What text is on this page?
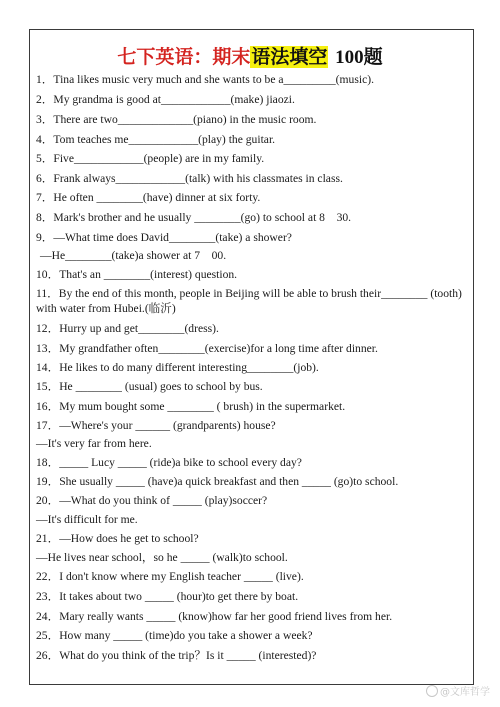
七下英语：期末语法填空 100题
1．Tina likes music very much and she wants to be a_________(music).
2．My grandma is good at____________(make) jiaozi.
3．There are two_____________(piano) in the music room.
4．Tom teaches me____________(play) the guitar.
5．Five____________(people) are in my family.
6．Frank always____________(talk) with his classmates in class.
7．He often ________(have) dinner at six forty.
8．Mark's brother and he usually ________(go) to school at 8    30.
9．—What time does David________(take) a shower?
—He________(take)a shower at 7    00.
10．That's an ________(interest) question.
11．By the end of this month, people in Beijing will be able to brush their________ (tooth) with water from Hubei.(临沂)
12．Hurry up and get________(dress).
13．My grandfather often________(exercise)for a long time after dinner.
14．He likes to do many different interesting________(job).
15．He ________ (usual) goes to school by bus.
16．My mum bought some ________ ( brush) in the supermarket.
17．—Where's your ______ (grandparents) house?
—It's very far from here.
18．_____ Lucy _____ (ride)a bike to school every day?
19．She usually _____ (have)a quick breakfast and then _____ (go)to school.
20．—What do you think of _____ (play)soccer?
—It's difficult for me.
21．—How does he get to school?
—He lives near school，so he _____ (walk)to school.
22．I don't know where my English teacher _____ (live).
23．It takes about two _____ (hour)to get there by boat.
24．Mary really wants _____ (know)how far her good friend lives from her.
25．How many _____ (time)do you take a shower a week?
26．What do you think of the trip？Is it _____ (interested)?
@文库哲学
